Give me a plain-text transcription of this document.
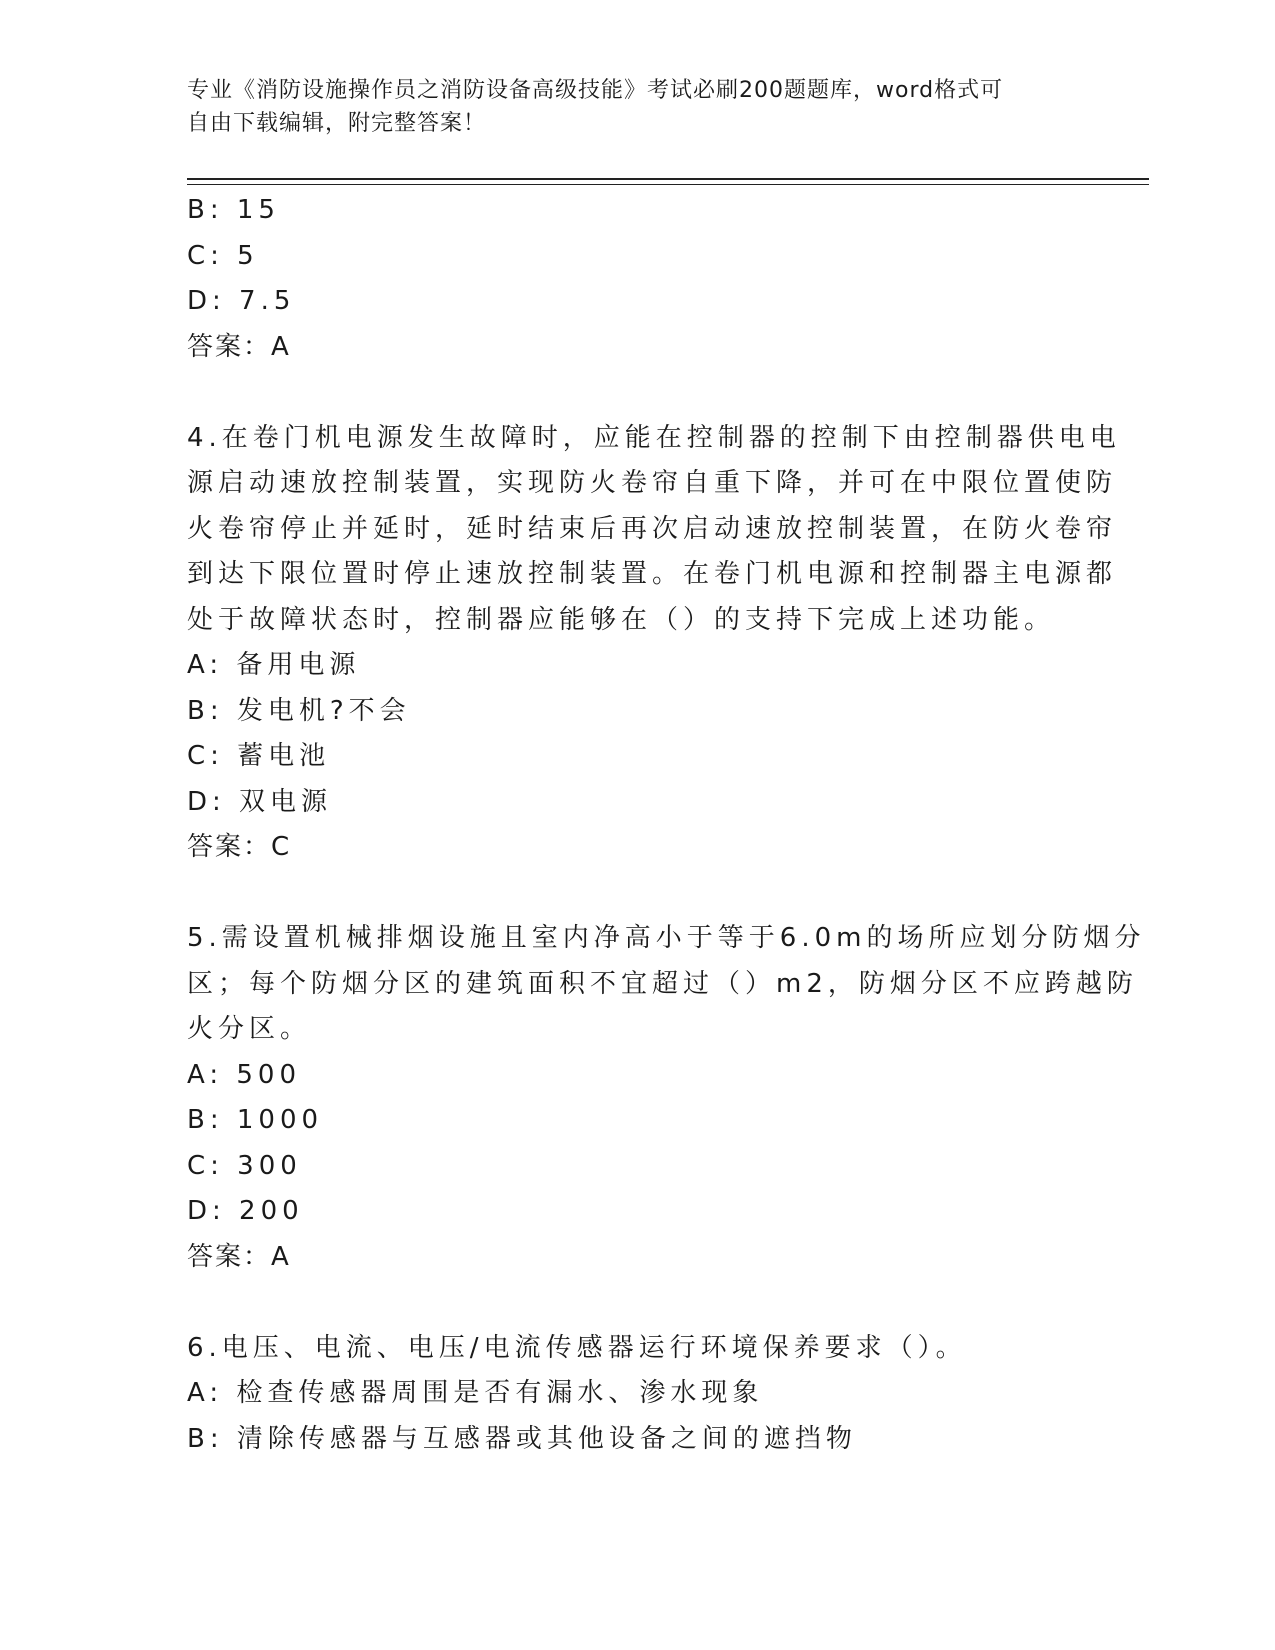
专业《消防设施操作员之消防设备高级技能》考试必刷200题题库，word格式可
自由下载编辑，附完整答案！
B: 15
C: 5
D: 7.5
答案：A
4.在卷门机电源发生故障时，应能在控制器的控制下由控制器供电电
源启动速放控制装置，实现防火卷帘自重下降，并可在中限位置使防
火卷帘停止并延时，延时结束后再次启动速放控制装置，在防火卷帘
到达下限位置时停止速放控制装置。在卷门机电源和控制器主电源都
处于故障状态时，控制器应能够在（）的支持下完成上述功能。
A: 备用电源
B: 发电机?不会
C: 蓄电池
D: 双电源
答案：C
5.需设置机械排烟设施且室内净高小于等于6.0m的场所应划分防烟分
区；每个防烟分区的建筑面积不宜超过（）m2，防烟分区不应跨越防
火分区。
A: 500
B: 1000
C: 300
D: 200
答案：A
6.电压、电流、电压/电流传感器运行环境保养要求（）。
A: 检查传感器周围是否有漏水、渗水现象
B: 清除传感器与互感器或其他设备之间的遮挡物
